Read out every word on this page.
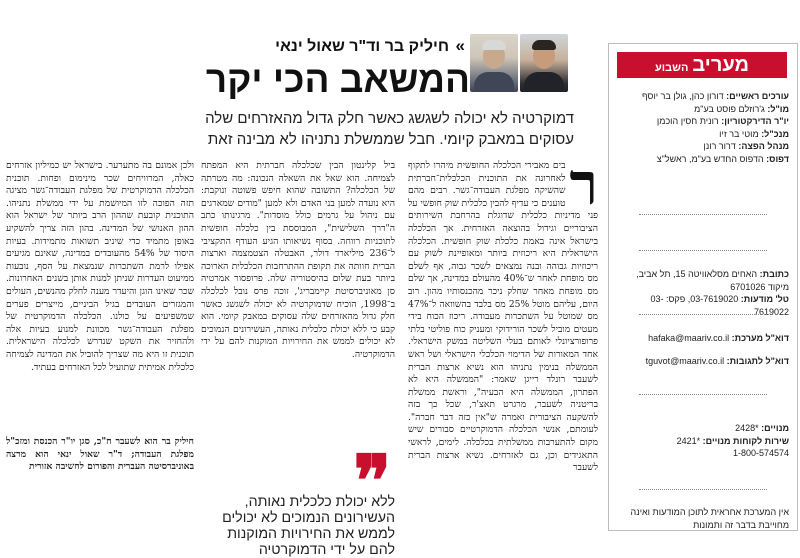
» חיליק בר וד"ר שאול ינאי
המשאב הכי יקר
דמוקרטיה לא יכולה לשגשג כאשר חלק גדול מהאזרחים שלה עסוקים במאבק קיומי. חבל שממשלת נתניהו לא מבינה זאת
ר

בים מאבירי הכלכלה החופשית מיהרו לתקוף לאחרונה את התוכנית הכלכלית־חברתית שהשיקה מפלגת העבודה־גשר. רבים מהם טוענים כי עדיף להבין כלכלית שוק חופשי על פני מדיניות כלכלית שדוגלת בהרחבת השירותים הציבוריים וגידול בהוצאה האזרחית. אך הכלכלה בישראל אינה באמת כלכלת שוק חופשית. הכלכלה הישראלית היא ריכוזית ביותר ומאופיינת לשוק עם ריכוזיות גבוהה ובנה נמצאים לשכר גבוה, אף לשלם מס מופחת לאחר ש־40% מהעולם במדינה, אך שלם מס מופחת מאחר שחלק ניכר מהכנסותיו מהון. רוב היום, עליהם מוטל 25% מס בלבד בהשוואה ל־47% מס שמוטל על השתכרות מעבודה. ריכוז הכוח בידי מעטים מוביל לשכר הורידוקי ומעניק כוח פוליטי בלתי פרופורציונלי לאותם בעלי השליטה במשק הישראלי. אחד המאורות של הדימוי הכלכלי הישראלי ושל ראש הממשלה בנימין נתניהו הוא נשיא ארצות הברית לשעבר רונלד רייגן שאמר: "הממשלה היא לא הפתרון, הממשלה היא הבעיה", וראשת ממשלת בריטניה לשעבר, מרגרט תאצ'ר, שכל כך בזה להשקעה הציבורית ואמרה ש"אין כזה דבר חברה". לעומתם, אנשי הכלכלה הדמוקרטיים סבורים שיש מקום להתערבות ממשלתית בכלכלה. לימים, לראשי התאגידים וכן, גם לאזרחים. נשיא ארצות הברית לשעבר

ביל קלינטון הבין שכלכלה חברתית היא המפתח לצמיחה. הוא שאל את השאלה הנכונה: מה מטרתה של הכלכלה? התשובה שהוא חיפש פשוטה ונוקבת: היא נועדה למען בני האדם ולא למען "מודים שמארגים עם ניהול על גרמים כולל מוסדות". מרגינותו כתב ה"דרך השלישית", המבוססת בין כלכלה חופשית לתוכניות רווחה. בסוף נשיאותו הגיע העודף התקציבי ל־236 מיליארד דולר, האבטלה הצטמצמה וארצות הברית חוותה את תקופת ההתרחבות הכלכלית הארוכה ביותר בעת שלום בהיסטוריה שלה. פרופסור אמרטיה סן מאוניברסיטת קיימבריג', זוכה פרס נובל לכלכלה ב־1998, הוכיח שדמוקרטיה לא יכולה לשגשג כאשר חלק גדול מהאזרחים שלה עסוקים במאבק קיומי. הוא קבע כי ללא יכולת כלכלית נאותה, העשירונים הנמוכים לא יכולים לממש את החירויות המוקנות להם על ידי הדמוקרטיה.

ולכן אמונם בה מתערער. בישראל יש כמיליון אזרחים כאלה, המרוויחים שכר מינימום ופחות. תוכנית הכלכלה הדמוקרטית של מפלגת העבודה־גשר מציגה תזה הפוכה לזו המיושמת על ידי ממשלת נתניהו. התוכנית קובעת שההון הרב ביותר של ישראל הוא ההון האנושי של המדינה. בהון הזה צריך להשקיע באופן מתמיד כדי שיניב תשואות מתמידות. בעיות היסוד של 54% מהעובדים במדינה, שאינם מגיעים אפילו לרמת השתכרות שנמצאת על הסף, נובעות ממיעוט העדרות שניתן למנות אותן בשנים האחרונות. שכר שאינו הוגן והיעדר מענה לחלק מהנשים, העולים והמגזרים העובדים בגיל הביניים, מייצרים פערים שמשפיעים על כולנו. הכלכלה הדמוקרטית של מפלגת העבודה־גשר מכוונת למנוע בעיות אלה ולהחזיר את השקט שנדרש לכלכלה הישראלית. תוכנית זו היא מה שצריך להוביל את המדינה לצמיחה כלכלית אמיתית שתועיל לכל האזרחים בעתיד.

חיליק בר הוא לשעבר ח"כ, סגן יו"ר הכנסת ומזכ"ל מפלגת העבודה; ד"ר שאול ינאי הוא מרצה באוניברסיטה העברית והפורום לחשיבה אזורית ❞
ללא יכולת כלכלית נאותה, העשירונים הנמוכים לא יכולים לממש את החירויות המוקנות להם על ידי הדמוקרטיה
מעריבהשבוע
עורכים ראשיים: דורון כהן, גולן בר יוסף
מו"ל: ג'רוזלם פוסט בע"מ
יו"ר הדירקטוריון: רונית חסין הוכמן
מנכ"ל: מוטי בר זיו
מנהל הפצה: דרור רונן
דפוס: הדפוס החדש בע"מ, ראשל"צ
כתובת: האחים מסלאוויטה 15, תל אביב, מיקוד 6701026
טל' מודעות: 03-7619020, פקס: 03-7619022
דוא"ל מערכת: hafaka@maariv.co.il
דוא"ל לתגובות: tguvot@maariv.co.il
מנויים: *2428
שירות לקוחות מנויים: *2421
1-800-574574
אין המערכת אחראית לתוכן המודעות ואינה מחוייבת בדבר זה ותמונות
